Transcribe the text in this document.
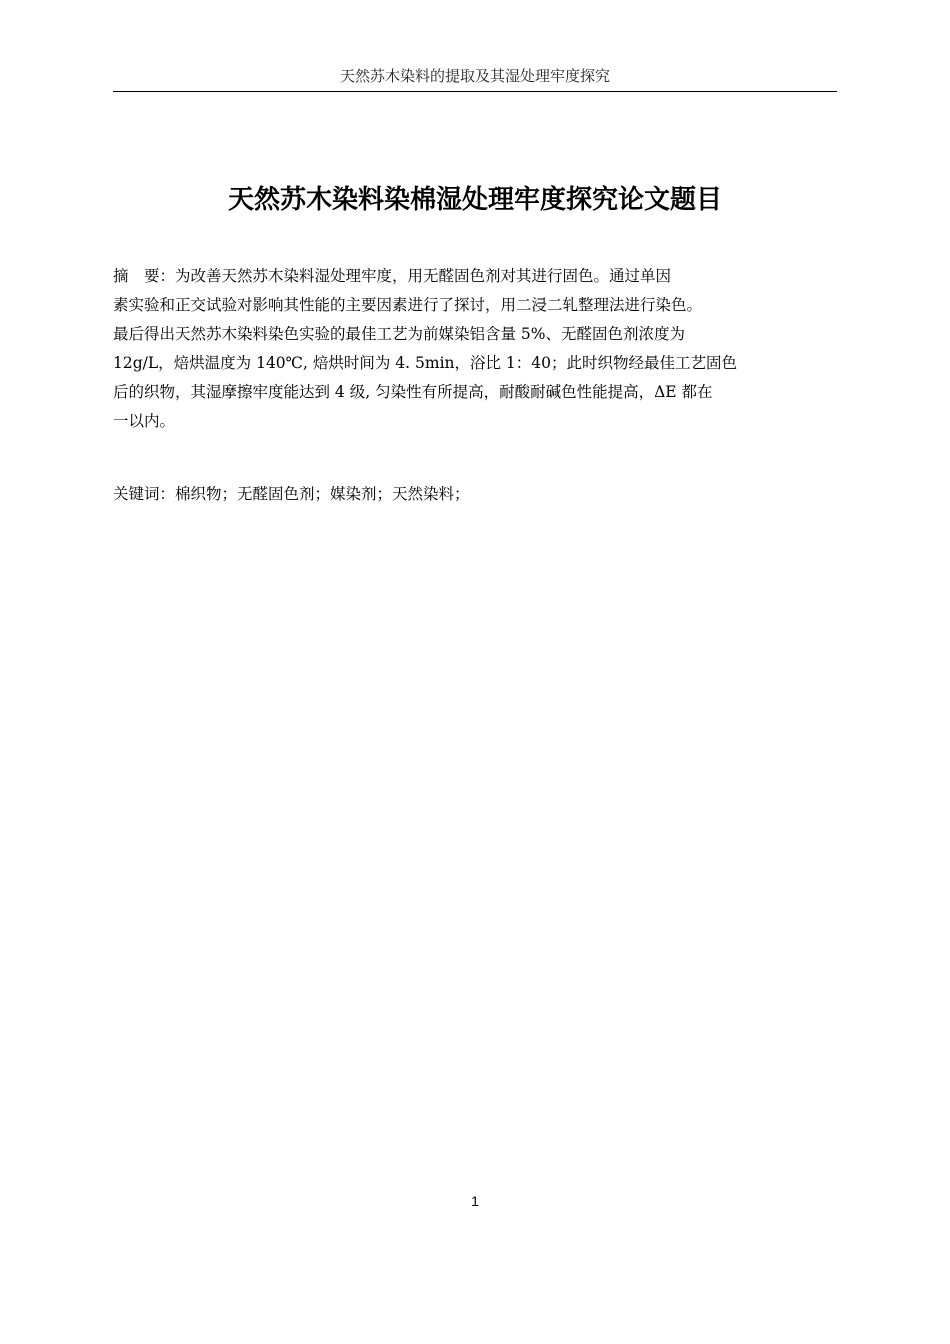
天然苏木染料的提取及其湿处理牢度探究
天然苏木染料染棉湿处理牢度探究论文题目
摘　要：为改善天然苏木染料湿处理牢度，用无醛固色剂对其进行固色。通过单因
素实验和正交试验对影响其性能的主要因素进行了探讨，用二浸二轧整理法进行染色。
最后得出天然苏木染料染色实验的最佳工艺为前媒染铝含量 5%、无醛固色剂浓度为
12g/L，焙烘温度为 140℃, 焙烘时间为 4. 5min，浴比 1：40；此时织物经最佳工艺固色
后的织物，其湿摩擦牢度能达到 4 级, 匀染性有所提高，耐酸耐碱色性能提高，ΔE 都在
一以内。
关键词：棉织物；无醛固色剂；媒染剂；天然染料；
1
